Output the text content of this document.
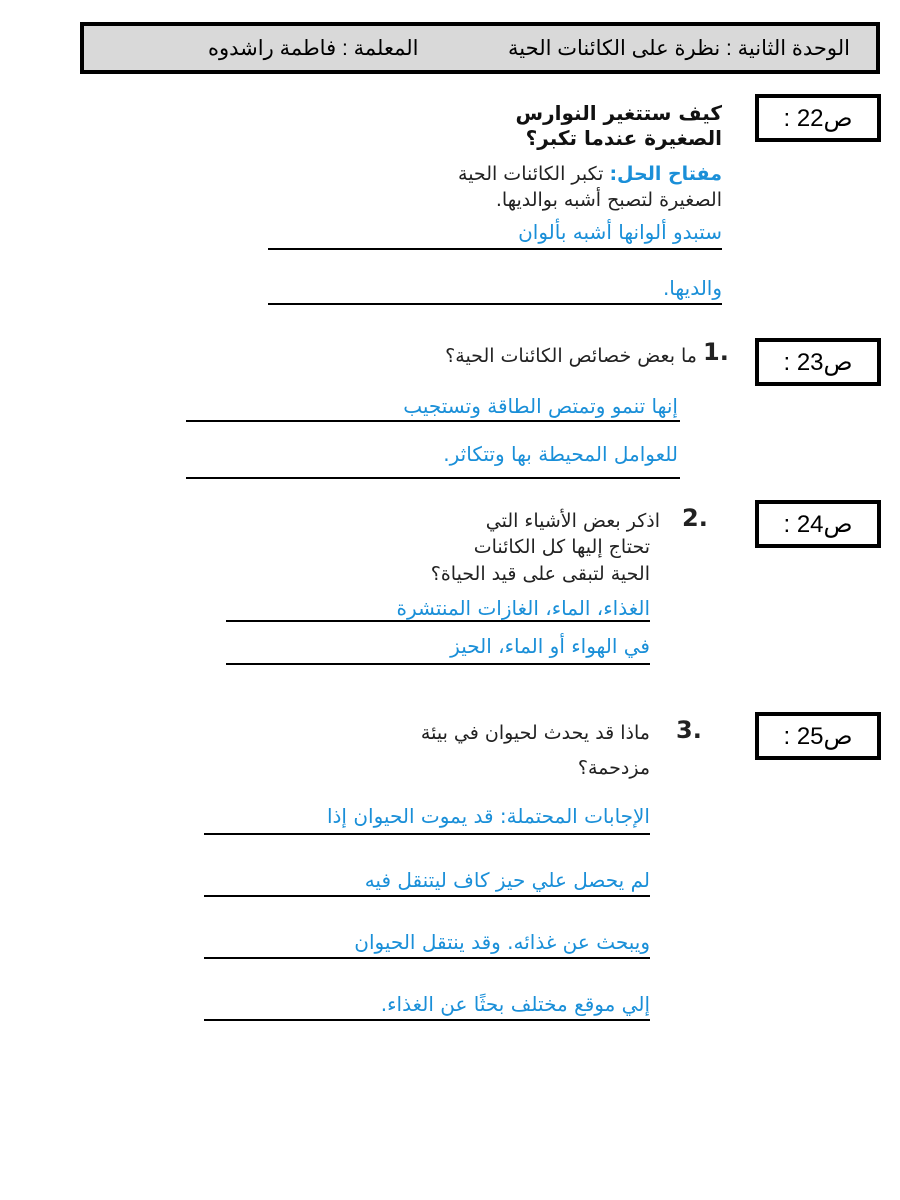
الوحدة الثانية : نظرة على الكائنات الحية
المعلمة : فاطمة راشدوه
ص22 :
ص23 :
ص24 :
ص25 :
كيف ستتغير النوارس
الصغيرة عندما تكبر؟
مفتاح الحل: تكبر الكائنات الحية
الصغيرة لتصبح أشبه بوالديها.
ستبدو ألوانها أشبه بألوان
والديها.
1.
ما بعض خصائص الكائنات الحية؟
إنها تنمو وتمتص الطاقة وتستجيب
للعوامل المحيطة بها وتتكاثر.
2.
اذكر بعض الأشياء التي
تحتاج إليها كل الكائنات
الحية لتبقى على قيد الحياة؟
الغذاء، الماء، الغازات المنتشرة
في الهواء أو الماء، الحيز
3.
ماذا قد يحدث لحيوان في بيئة
مزدحمة؟
الإجابات المحتملة: قد يموت الحيوان إذا
لم يحصل علي حيز كاف ليتنقل فيه
ويبحث عن غذائه. وقد ينتقل الحيوان
إلي موقع مختلف بحثًا عن الغذاء.
